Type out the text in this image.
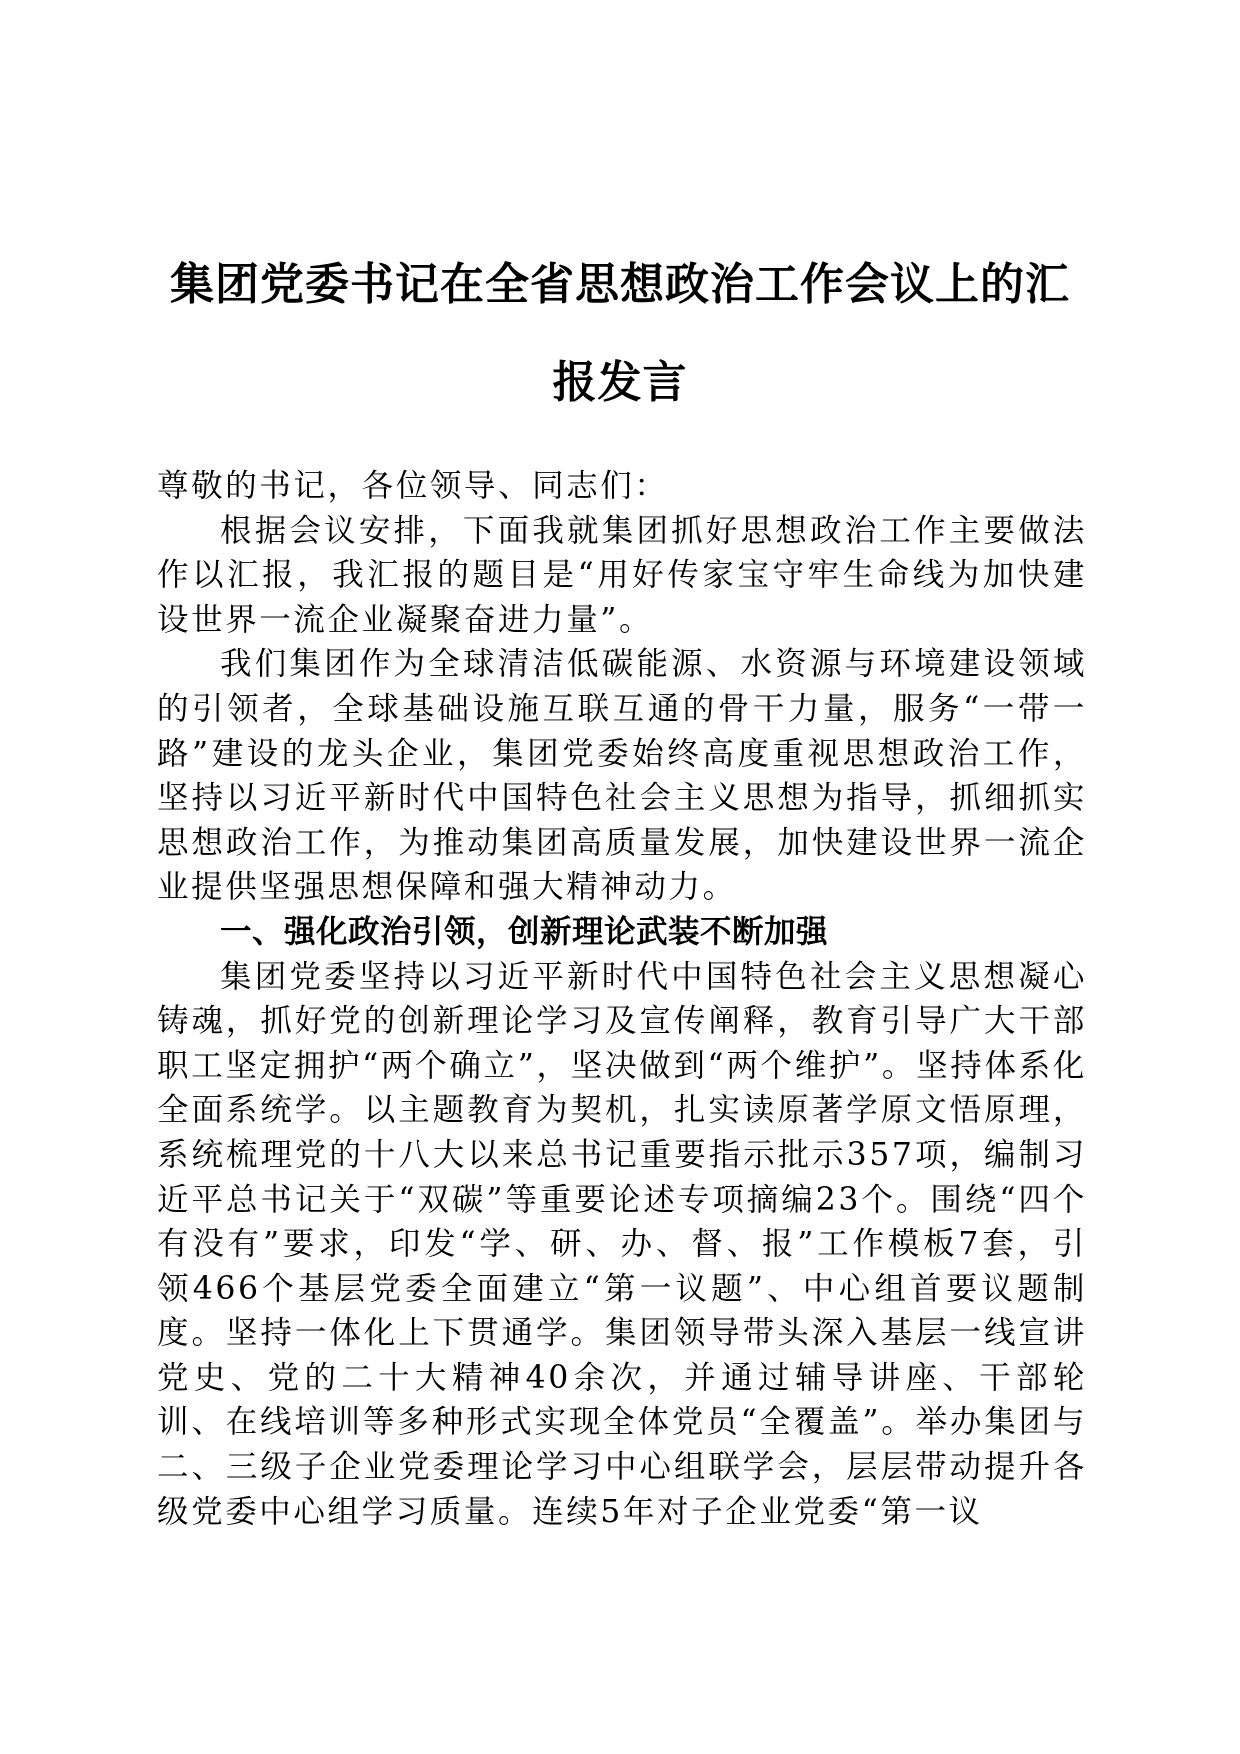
集团党委书记在全省思想政治工作会议上的汇报发言

尊敬的书记，各位领导、同志们：

根据会议安排，下面我就集团抓好思想政治工作主要做法作以汇报，我汇报的题目是“用好传家宝守牢生命线为加快建设世界一流企业凝聚奋进力量”。

我们集团作为全球清洁低碳能源、水资源与环境建设领域的引领者，全球基础设施互联互通的骨干力量，服务“一带一路”建设的龙头企业，集团党委始终高度重视思想政治工作，坚持以习近平新时代中国特色社会主义思想为指导，抓细抓实思想政治工作，为推动集团高质量发展，加快建设世界一流企业提供坚强思想保障和强大精神动力。

一、强化政治引领，创新理论武装不断加强

集团党委坚持以习近平新时代中国特色社会主义思想凝心铸魂，抓好党的创新理论学习及宣传阐释，教育引导广大干部职工坚定拥护“两个确立”，坚决做到“两个维护”。坚持体系化全面系统学。以主题教育为契机，扎实读原著学原文悟原理，系统梳理党的十八大以来总书记重要指示批示357项，编制习近平总书记关于“双碳”等重要论述专项摘编23个。围绕“四个有没有”要求，印发“学、研、办、督、报”工作模板7套，引领466个基层党委全面建立“第一议题”、中心组首要议题制度。坚持一体化上下贯通学。集团领导带头深入基层一线宣讲党史、党的二十大精神40余次，并通过辅导讲座、干部轮训、在线培训等多种形式实现全体党员“全覆盖”。举办集团与二、三级子企业党委理论学习中心组联学会，层层带动提升各级党委中心组学习质量。连续5年对子企业党委“第一议
